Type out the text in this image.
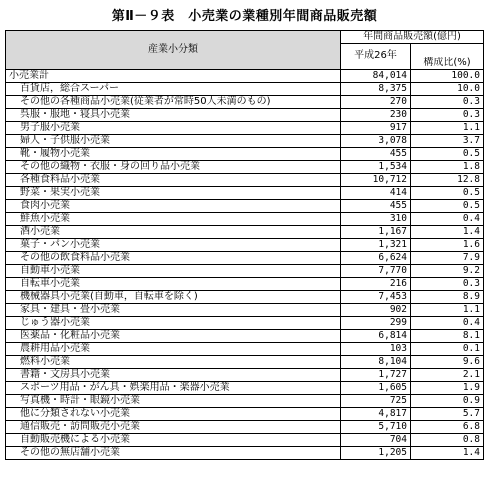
第Ⅱ－９表　小売業の業種別年間商品販売額
産業小分類	年間商品販売額(億円)	
	平成26年	
		構成比(%)
小売業計	84,014	100.0
百貨店，総合スーパー	8,375	10.0
その他の各種商品小売業(従業者が常時50人未満のもの)	270	0.3
呉服・服地・寝具小売業	230	0.3
男子服小売業	917	1.1
婦人・子供服小売業	3,078	3.7
靴・履物小売業	455	0.5
その他の織物・衣服・身の回り品小売業	1,534	1.8
各種食料品小売業	10,712	12.8
野菜・果実小売業	414	0.5
食肉小売業	455	0.5
鮮魚小売業	310	0.4
酒小売業	1,167	1.4
菓子・パン小売業	1,321	1.6
その他の飲食料品小売業	6,624	7.9
自動車小売業	7,770	9.2
自転車小売業	216	0.3
機械器具小売業(自動車，自転車を除く)	7,453	8.9
家具・建具・畳小売業	902	1.1
じゅう器小売業	299	0.4
医薬品・化粧品小売業	6,814	8.1
農耕用品小売業	103	0.1
燃料小売業	8,104	9.6
書籍・文房具小売業	1,727	2.1
スポーツ用品・がん具・娯楽用品・楽器小売業	1,605	1.9
写真機・時計・眼鏡小売業	725	0.9
他に分類されない小売業	4,817	5.7
通信販売・訪問販売小売業	5,710	6.8
自動販売機による小売業	704	0.8
その他の無店舗小売業	1,205	1.4
